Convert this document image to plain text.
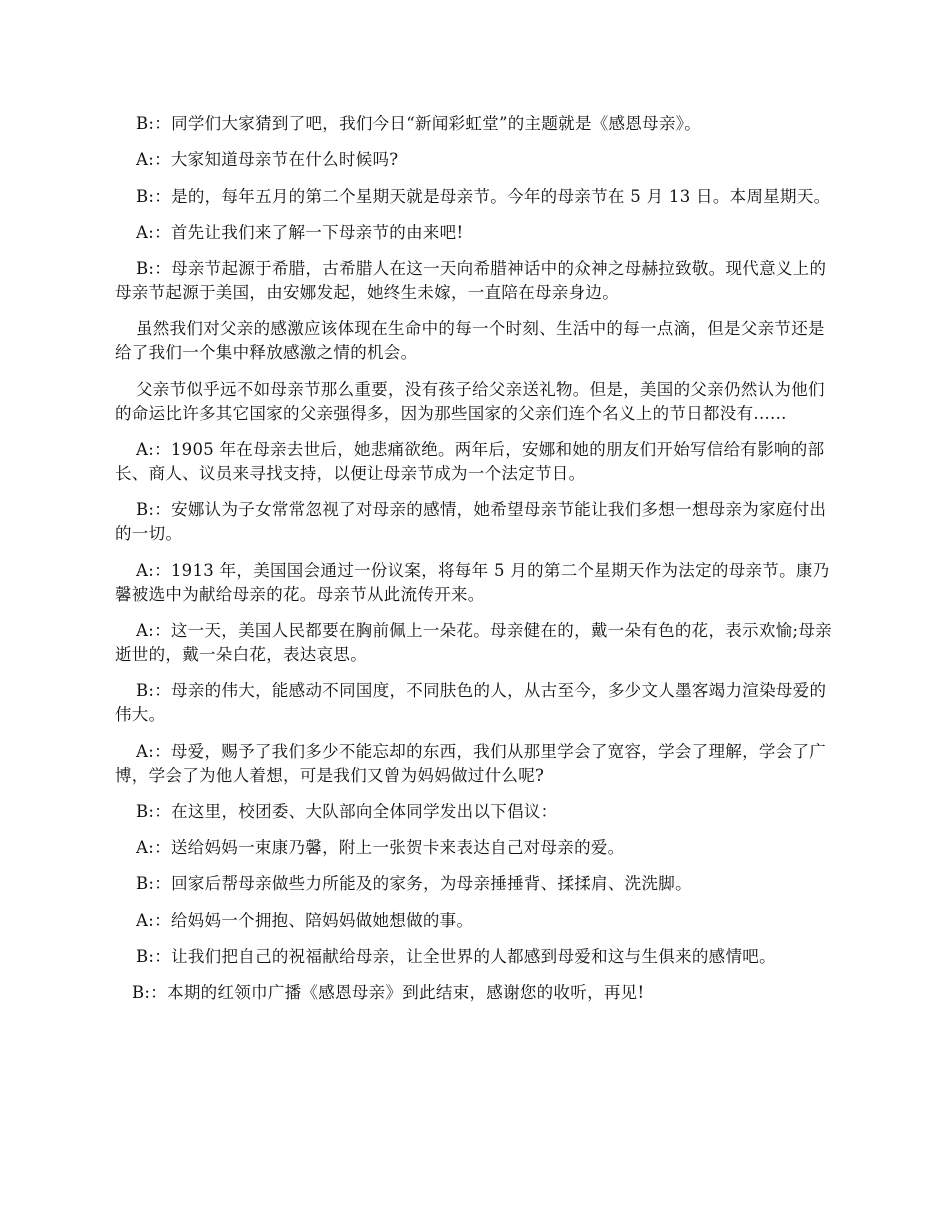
B:：同学们大家猜到了吧，我们今日“新闻彩虹堂”的主题就是《感恩母亲》。

A:：大家知道母亲节在什么时候吗?

B:：是的，每年五月的第二个星期天就是母亲节。今年的母亲节在 5 月 13 日。本周星期天。

A:：首先让我们来了解一下母亲节的由来吧!

B:：母亲节起源于希腊，古希腊人在这一天向希腊神话中的众神之母赫拉致敬。现代意义上的母亲节起源于美国，由安娜发起，她终生未嫁，一直陪在母亲身边。

虽然我们对父亲的感激应该体现在生命中的每一个时刻、生活中的每一点滴，但是父亲节还是给了我们一个集中释放感激之情的机会。

父亲节似乎远不如母亲节那么重要，没有孩子给父亲送礼物。但是，美国的父亲仍然认为他们的命运比许多其它国家的父亲强得多，因为那些国家的父亲们连个名义上的节日都没有......

A:：1905 年在母亲去世后，她悲痛欲绝。两年后，安娜和她的朋友们开始写信给有影响的部长、商人、议员来寻找支持，以便让母亲节成为一个法定节日。

B:：安娜认为子女常常忽视了对母亲的感情，她希望母亲节能让我们多想一想母亲为家庭付出的一切。

A:：1913 年，美国国会通过一份议案，将每年 5 月的第二个星期天作为法定的母亲节。康乃馨被选中为献给母亲的花。母亲节从此流传开来。

A:：这一天，美国人民都要在胸前佩上一朵花。母亲健在的，戴一朵有色的花，表示欢愉;母亲逝世的，戴一朵白花，表达哀思。

B:：母亲的伟大，能感动不同国度，不同肤色的人，从古至今，多少文人墨客竭力渲染母爱的伟大。

A:：母爱，赐予了我们多少不能忘却的东西，我们从那里学会了宽容，学会了理解，学会了广博，学会了为他人着想，可是我们又曾为妈妈做过什么呢?

B:：在这里，校团委、大队部向全体同学发出以下倡议：

A:：送给妈妈一束康乃馨，附上一张贺卡来表达自己对母亲的爱。

B:：回家后帮母亲做些力所能及的家务，为母亲捶捶背、揉揉肩、洗洗脚。

A:：给妈妈一个拥抱、陪妈妈做她想做的事。

B:：让我们把自己的祝福献给母亲，让全世界的人都感到母爱和这与生俱来的感情吧。

B:：本期的红领巾广播《感恩母亲》到此结束，感谢您的收听，再见!
